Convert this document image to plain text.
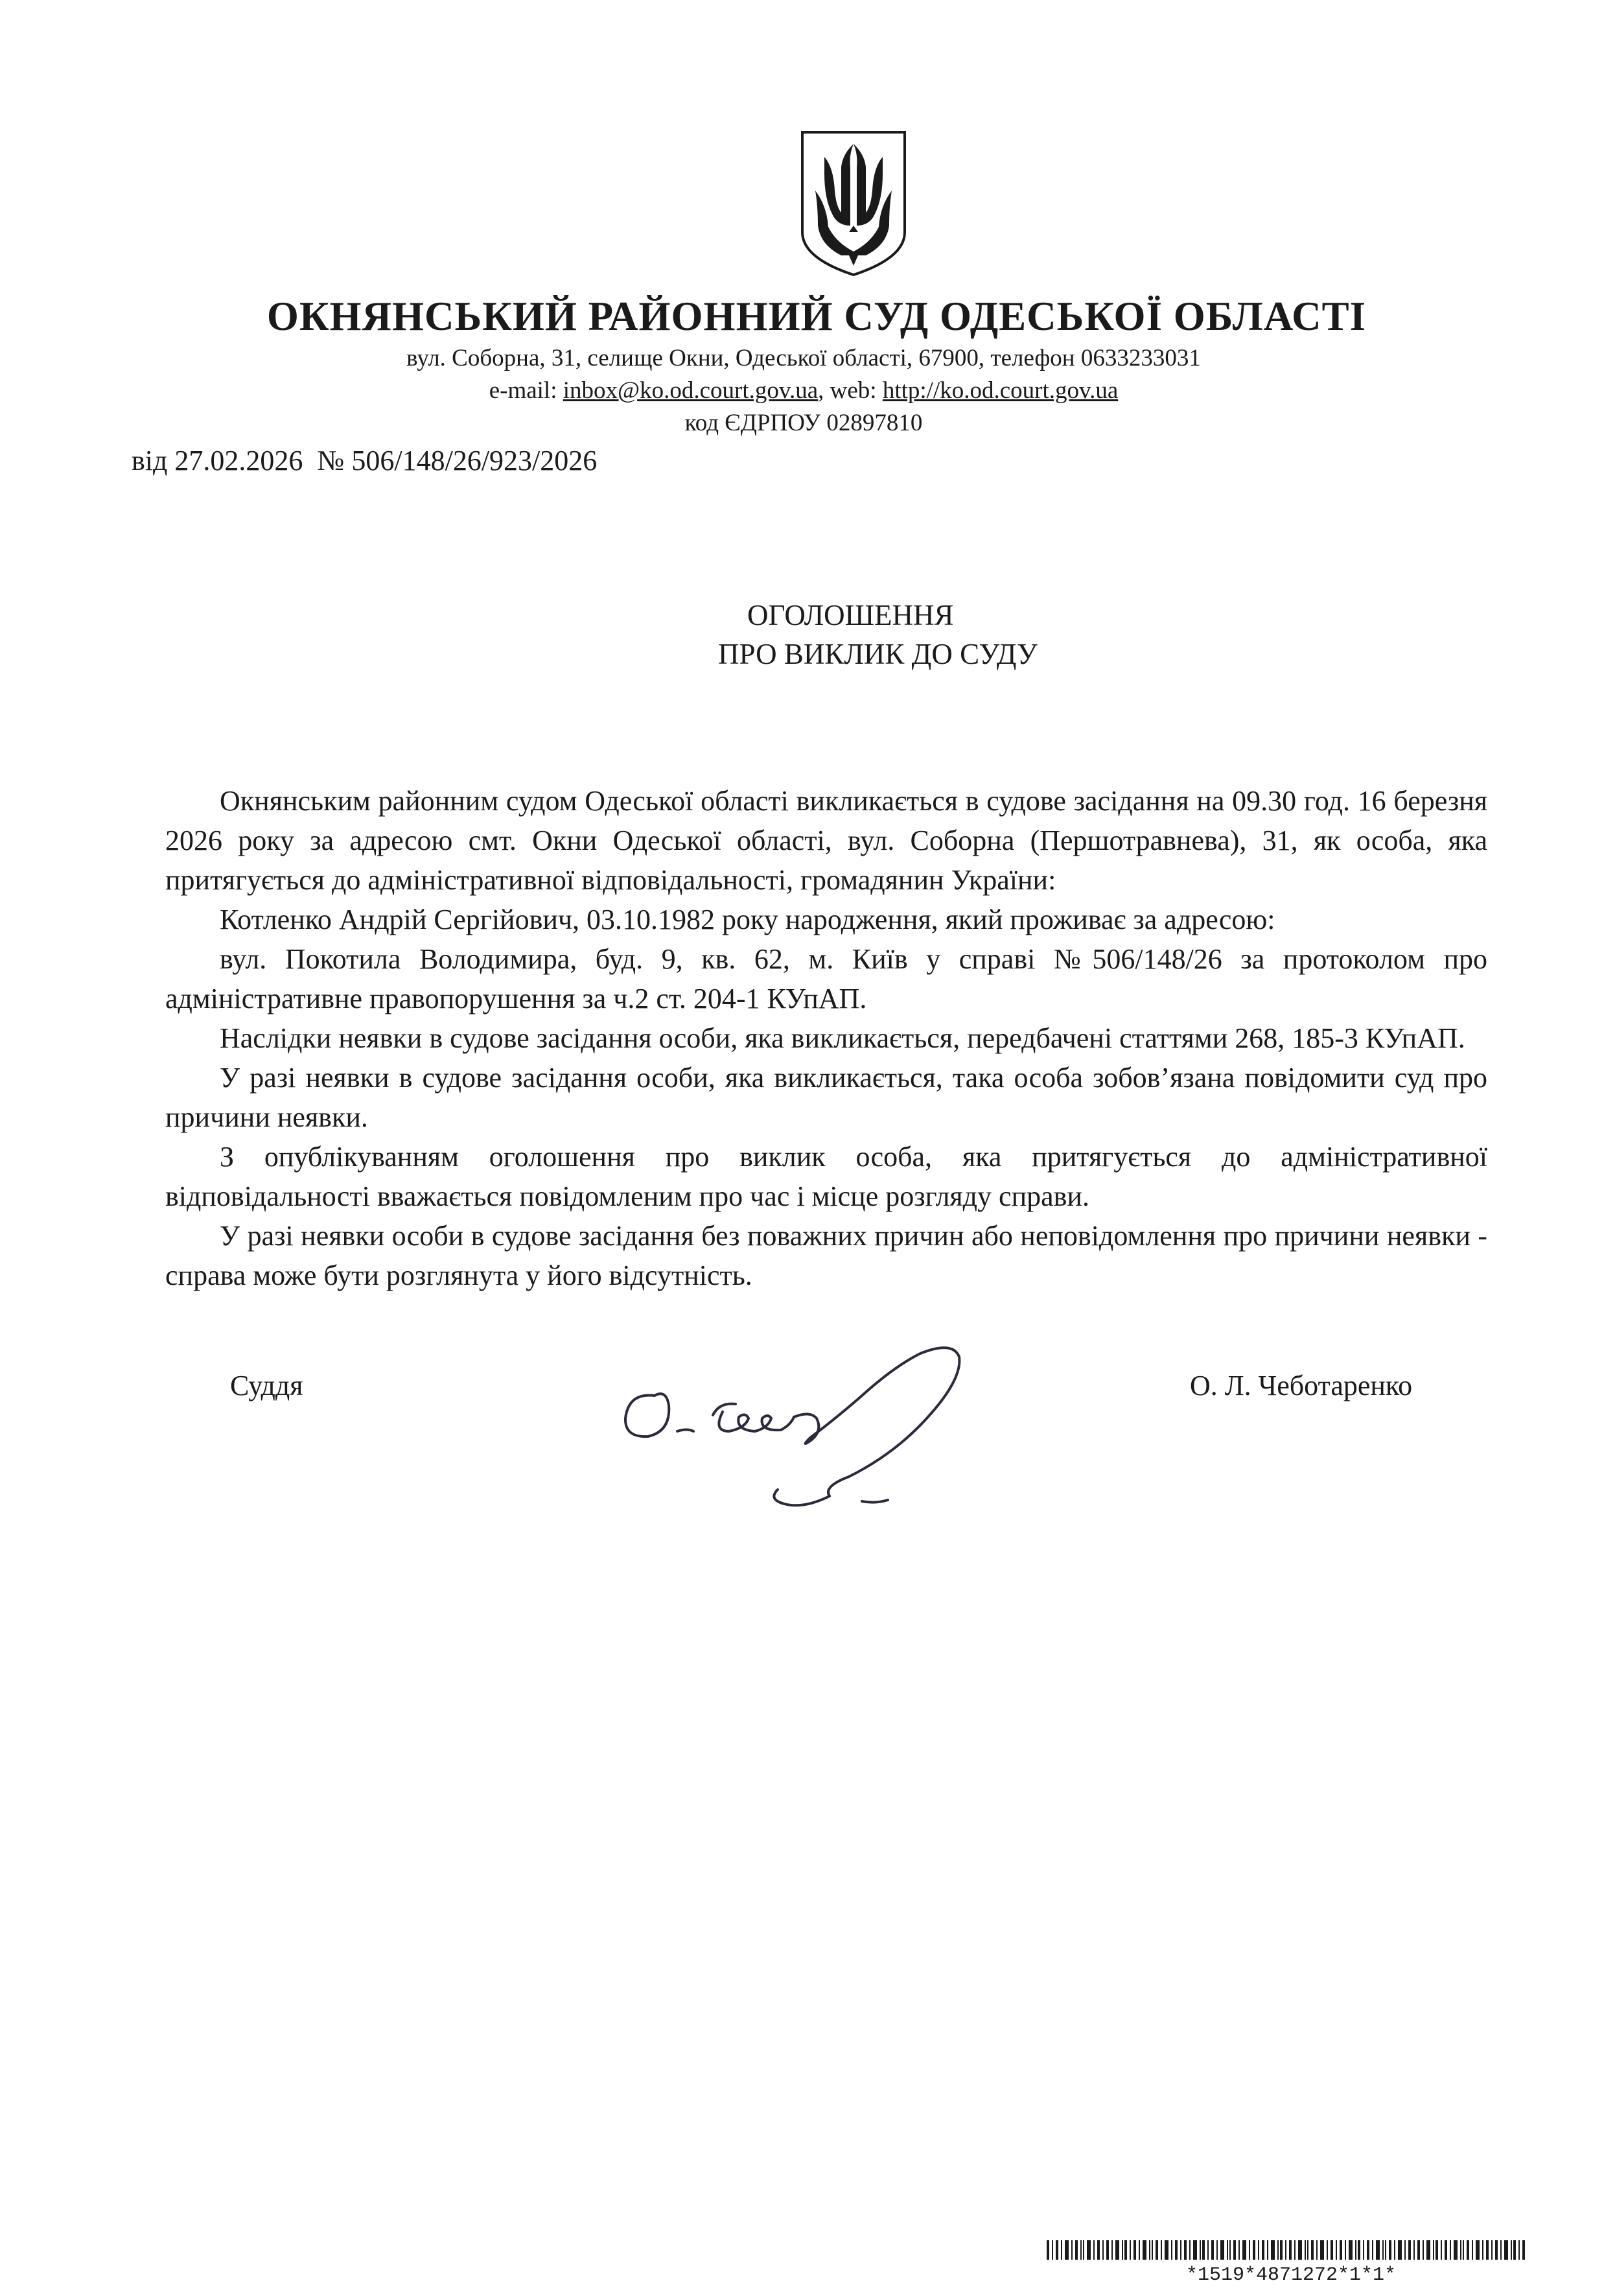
ОКНЯНСЬКИЙ РАЙОННИЙ СУД ОДЕСЬКОЇ ОБЛАСТІ
вул. Соборна, 31, селище Окни, Одеської області, 67900, телефон 0633233031
e-mail: inbox@ko.od.court.gov.ua, web: http://ko.od.court.gov.ua
код ЄДРПОУ 02897810
від 27.02.2026 № 506/148/26/923/2026
ОГОЛОШЕННЯ
ПРО ВИКЛИК ДО СУДУ

Окнянським районним судом Одеської області викликається в судове засідання на 09.30 год. 16 березня 2026 року за адресою смт. Окни Одеської області, вул. Соборна (Першотравнева), 31, як особа, яка притягується до адміністративної відповідальності, громадянин України:

Котленко Андрій Сергійович, 03.10.1982 року народження, який проживає за адресою:

вул. Покотила Володимира, буд. 9, кв. 62, м. Київ у справі №506/148/26 за протоколом про адміністративне правопорушення за ч.2 ст. 204-1 КУпАП.

Наслідки неявки в судове засідання особи, яка викликається, передбачені статтями 268, 185-3 КУпАП.

У разі неявки в судове засідання особи, яка викликається, така особа зобов’язана повідомити суд про причини неявки.

З опублікуванням оголошення про виклик особа, яка притягується до адміністративної відповідальності вважається повідомленим про час і місце розгляду справи.

У разі неявки особи в судове засідання без поважних причин або неповідомлення про причини неявки - справа може бути розглянута у його відсутність.

Суддя	О. Л. Чеботаренко
*1519*4871272*1*1*
